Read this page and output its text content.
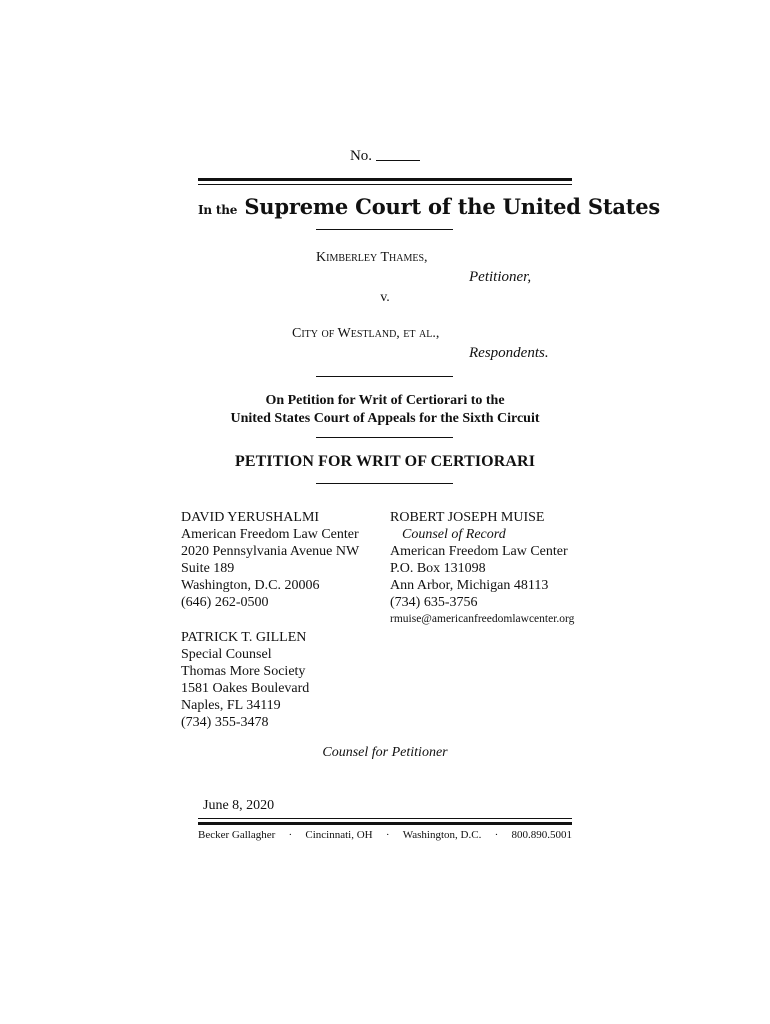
No.
In the Supreme Court of the United States
Kimberley Thames,
Petitioner,
v.
City of Westland, et al.,
Respondents.
On Petition for Writ of Certiorari to the
United States Court of Appeals for the Sixth Circuit
PETITION FOR WRIT OF CERTIORARI
DAVID YERUSHALMI
American Freedom Law Center
2020 Pennsylvania Avenue NW
Suite 189
Washington, D.C. 20006
(646) 262-0500
ROBERT JOSEPH MUISE
Counsel of Record
American Freedom Law Center
P.O. Box 131098
Ann Arbor, Michigan 48113
(734) 635-3756
rmuise@americanfreedomlawcenter.org
PATRICK T. GILLEN
Special Counsel
Thomas More Society
1581 Oakes Boulevard
Naples, FL 34119
(734) 355-3478
Counsel for Petitioner
June 8, 2020
Becker Gallagher	·	Cincinnati, OH	·	Washington, D.C.	·	800.890.5001
